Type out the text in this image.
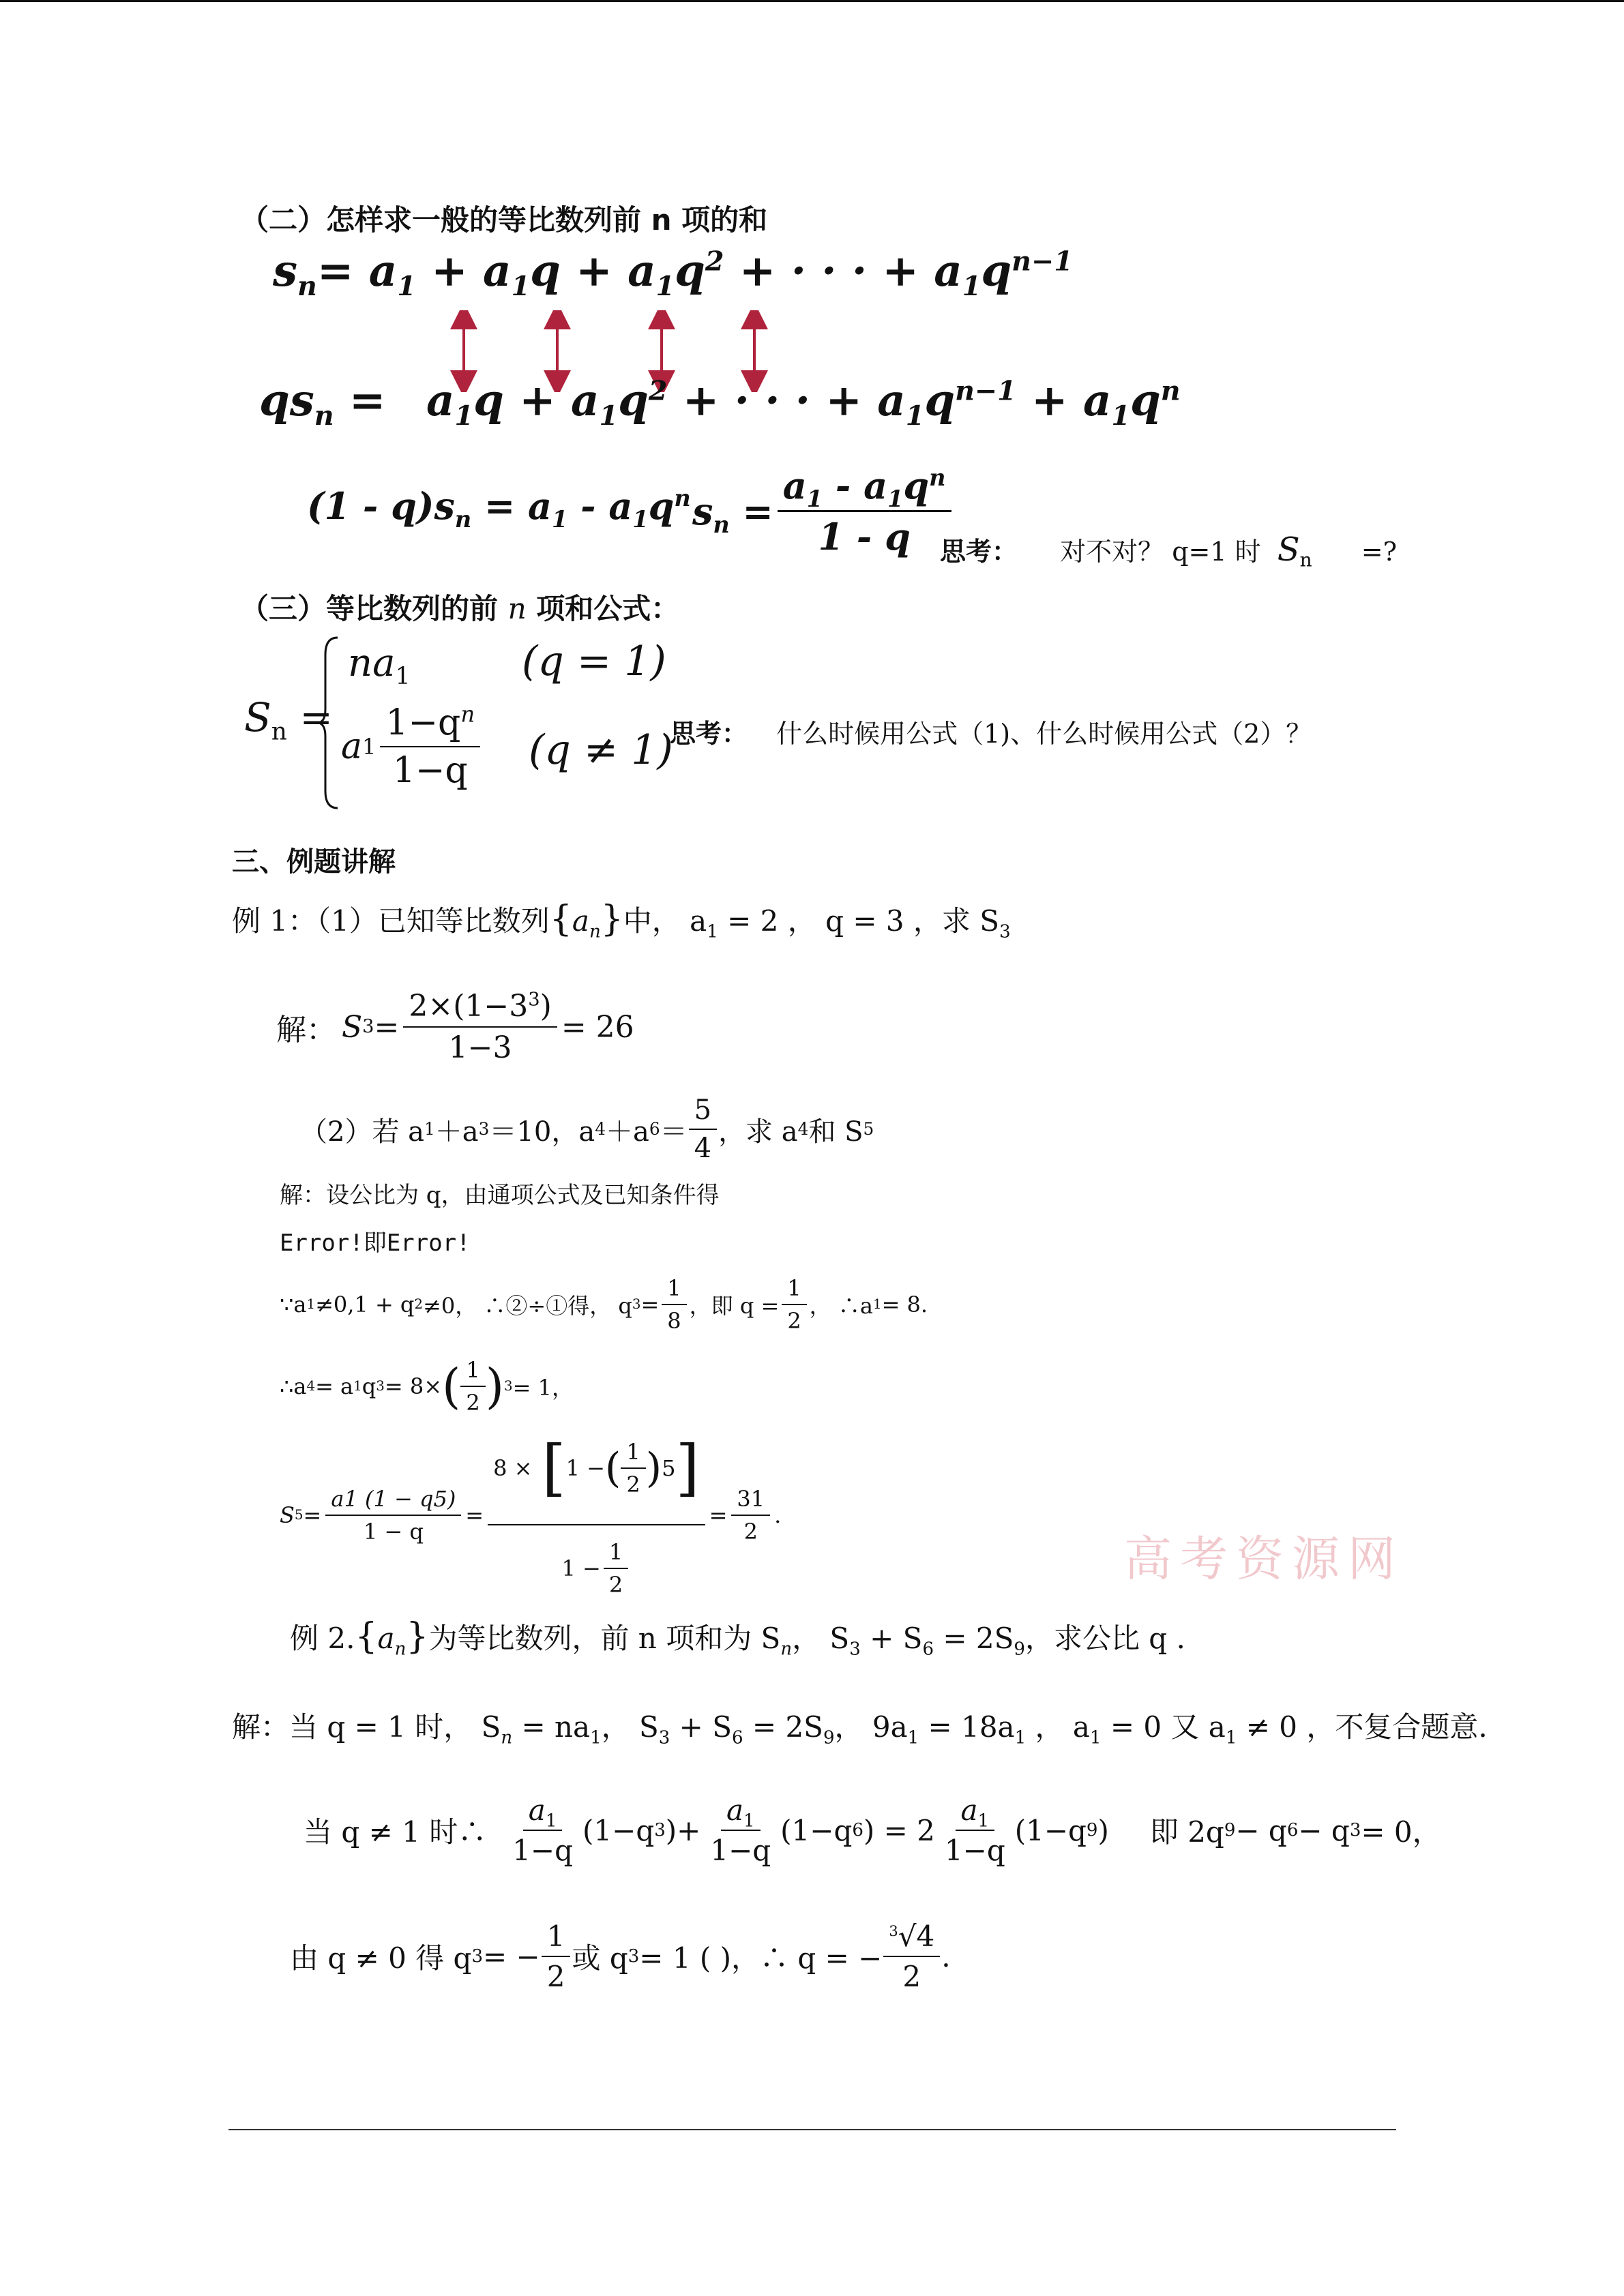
（二）怎样求一般的等比数列前 n 项的和
$s_n= a_1 + a_1q + a_1q^2$ + · · · + $a_1q^{n-1}$
$qs_n = a_1q + a_1q^2$ + · · · + $a_1q^{n-1} + a_1q^n$
$(1 - q)s_n = a_1 - a_1q^n$ $s_n = \frac{a_1 - a_1q^n}{1 - q}$
思考： 对不对？ q=1 时 $S_n$ =?
（三）等比数列的前 n 项和公式：
$S_n$ =
$na_1$	(q = 1)
a $1 \frac{1-q^n}{1-q} (q \ne 1)$
思考： 什么时候用公式（1)、什么时候用公式（2）？
三、例题讲解
例 1：（1）已知等比数列$\{a_n\}$中， $a_1 = 2$ ， q = 3 ，求 $S_3$
解： S $3 = \frac{2\times(1-3^3)}{1-3} = 26$
（2）若 a 1 ＋a 3 ＝10，a 4 ＋a $6 = \frac{5}{4}$ ，求 a 4 和 S 5
解：设公比为 q，由通项公式及已知条件得
Error!即Error!
∵a 1 ≠0,1 + q 2 ≠0， ∴②÷①得， q $3 = \frac{1}{8}$ ，即 $q = \frac{1}{2}$ ， ∴a 1 = 8.
∴a 4 = a 1 q 3 = 8× ( $\frac{1}{2}$ ) 3 = 1，
S $5 = \frac{a1 (1 - q5)}{1 - q} = \frac{8 \times [ 1 - ( \frac{1}{2} ) 5 ]}{1 - \frac{1}{2}} = \frac{31}{2}$ .
高考资源网
例 $2.\{a_n\}$为等比数列，前 n 项和为 $S_n$， $S_3 + S_6 = 2S_9$，求公比 q .
解：当 q = 1 时， $S_n = na_1$， $S_3 + S_6 = 2S_9$， $9a_1 = 18a_1$ ， $a_1 = 0$ 又 $a_1 \ne 0$ ，不复合题意.
当 q ≠ 1 时∴ $\frac{a_1}{1-q} (1-q$ 3 )+ $\frac{a_1}{1-q} (1-q$ 6 ) = $2 \frac{a_1}{1-q} (1-q$ 9 ) 即 2q 9 − q 6 − q 3 = 0，
由 q ≠ 0 得 q 3 = − $\frac{1}{2}$ 或 q 3 = 1 ( )，∴ q = − $\frac{^3√4}{2}$ .
